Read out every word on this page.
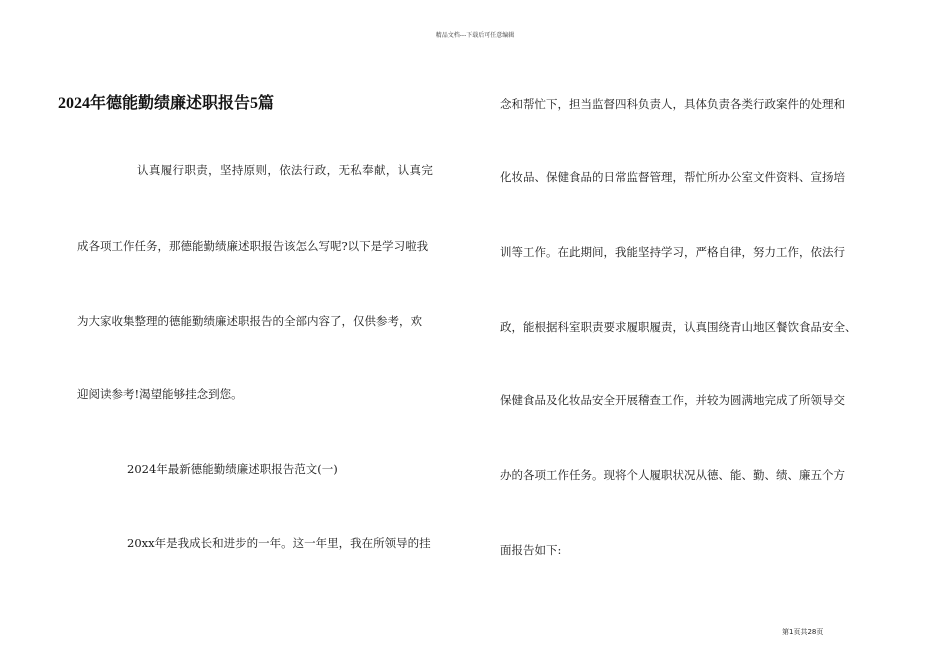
精品文档---下载后可任意编辑
2024年德能勤绩廉述职报告5篇
认真履行职责，坚持原则，依法行政，无私奉献，认真完
成各项工作任务，那德能勤绩廉述职报告该怎么写呢?以下是学习啦我
为大家收集整理的德能勤绩廉述职报告的全部内容了，仅供参考，欢
迎阅读参考!渴望能够挂念到您。
2024年最新德能勤绩廉述职报告范文(一)
20xx年是我成长和进步的一年。这一年里，我在所领导的挂
念和帮忙下，担当监督四科负责人，具体负责各类行政案件的处理和
化妆品、保健食品的日常监督管理，帮忙所办公室文件资料、宣扬培
训等工作。在此期间，我能坚持学习，严格自律，努力工作，依法行
政，能根据科室职责要求履职履责，认真围绕青山地区餐饮食品安全、
保健食品及化妆品安全开展稽查工作，并较为圆满地完成了所领导交
办的各项工作任务。现将个人履职状况从德、能、勤、绩、廉五个方
面报告如下:
第1页共28页
